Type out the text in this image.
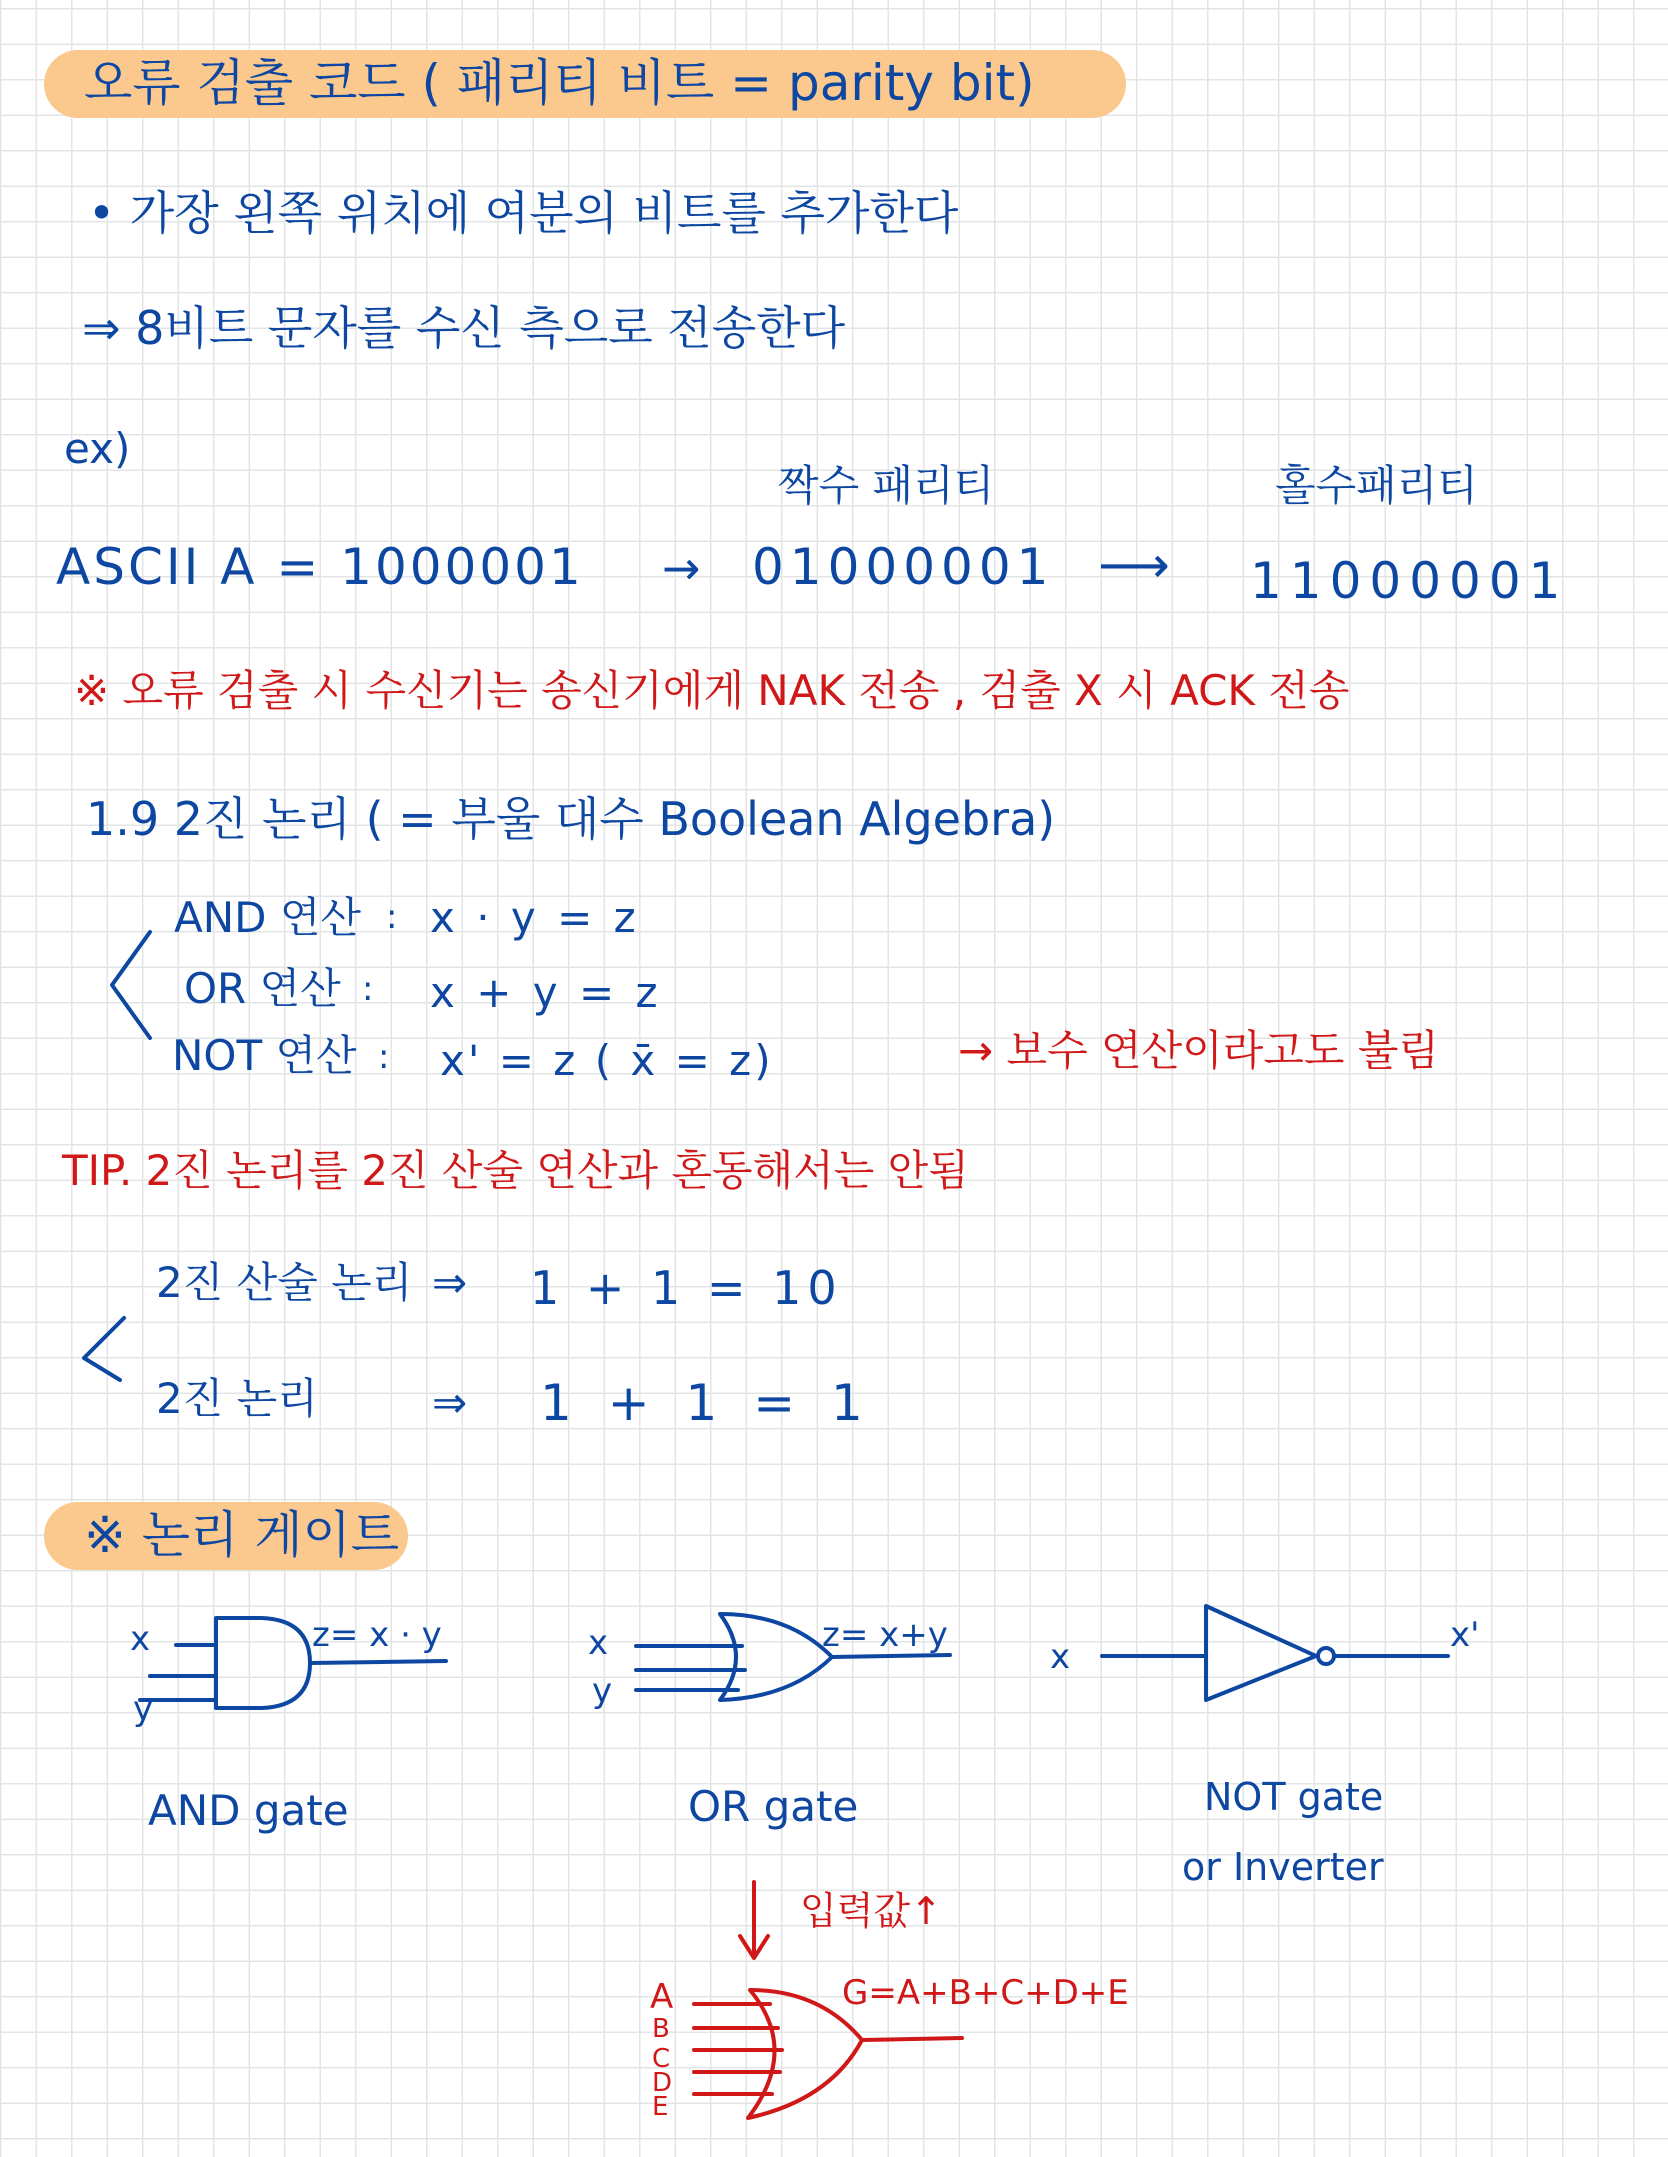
오류 검출 코드 ( 패리티 비트 = parity bit)
• 가장 왼쪽 위치에 여분의 비트를 추가한다
⇒ 8비트 문자를 수신 측으로 전송한다
ex)
짝수 패리티	홀수패리티
ASCII A = 1000001 → 01000001 ⟶ 11000001
※ 오류 검출 시 수신기는 송신기에게 NAK 전송 , 검출 X 시 ACK 전송
1.9 2진 논리 ( = 부울 대수 Boolean Algebra)
AND 연산 : x · y = z
OR 연산 : x + y = z
NOT 연산 : x' = z ( x̄ = z)	→ 보수 연산이라고도 불림
TIP. 2진 논리를 2진 산술 연산과 혼동해서는 안됨
2진 산술 논리 ⇒ 1 + 1 = 10
2진 논리	⇒ 1 + 1 = 1
※ 논리 게이트
x
y
z= x · y
AND gate
x
y
z= x+y
OR gate
x
x'
NOT gate
or Inverter
입력값↑
G=A+B+C+D+E
A
B
C
D
E
